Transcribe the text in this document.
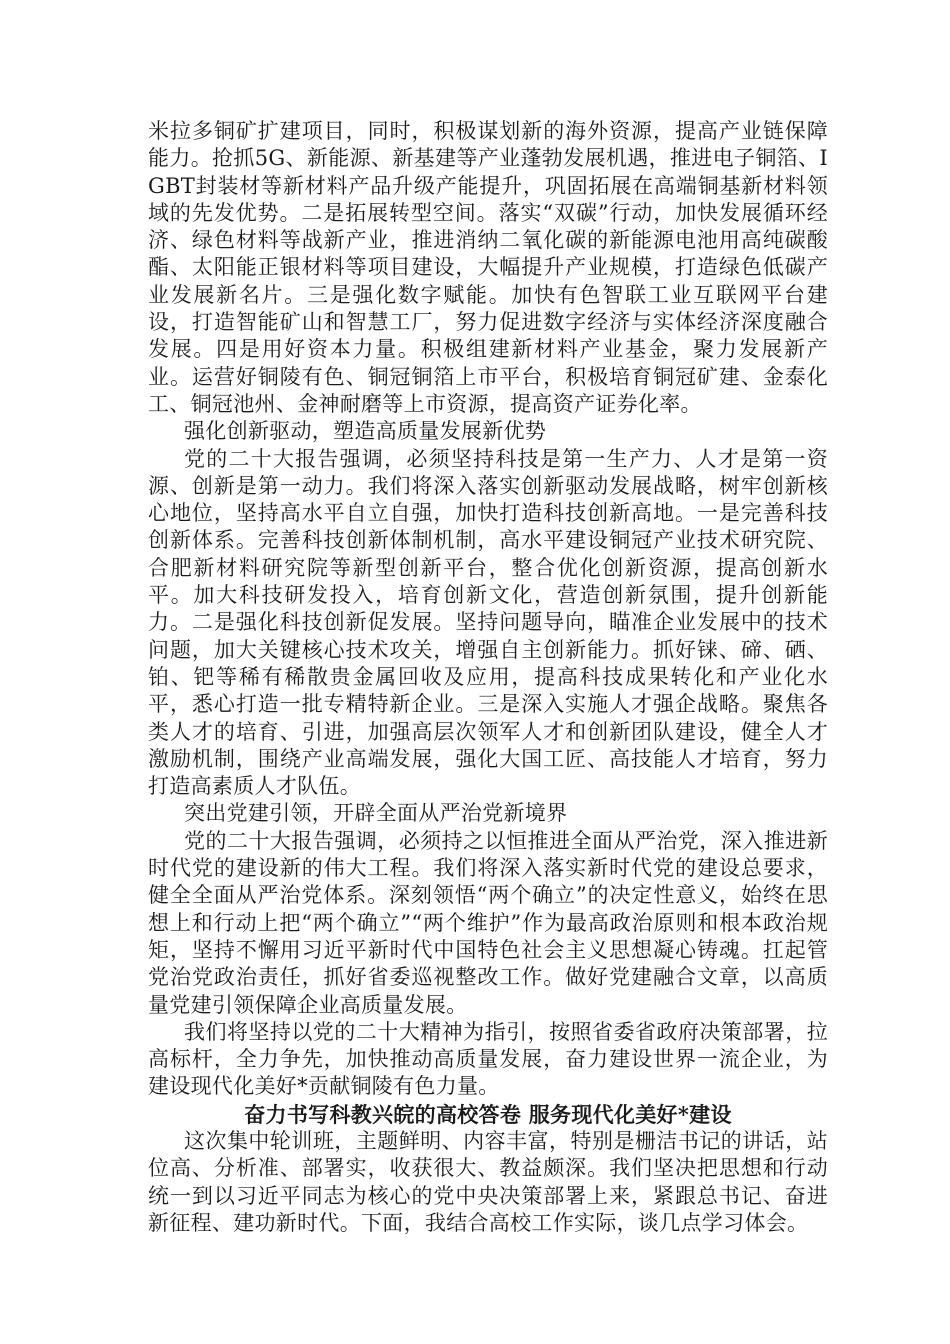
米拉多铜矿扩建项目，同时，积极谋划新的海外资源，提高产业链保障能力。抢抓5G、新能源、新基建等产业蓬勃发展机遇，推进电子铜箔、IGBT封装材等新材料产品升级产能提升，巩固拓展在高端铜基新材料领域的先发优势。二是拓展转型空间。落实“双碳”行动，加快发展循环经济、绿色材料等战新产业，推进消纳二氧化碳的新能源电池用高纯碳酸酯、太阳能正银材料等项目建设，大幅提升产业规模，打造绿色低碳产业发展新名片。三是强化数字赋能。加快有色智联工业互联网平台建设，打造智能矿山和智慧工厂，努力促进数字经济与实体经济深度融合发展。四是用好资本力量。积极组建新材料产业基金，聚力发展新产业。运营好铜陵有色、铜冠铜箔上市平台，积极培育铜冠矿建、金泰化工、铜冠池州、金神耐磨等上市资源，提高资产证券化率。

强化创新驱动，塑造高质量发展新优势

党的二十大报告强调，必须坚持科技是第一生产力、人才是第一资源、创新是第一动力。我们将深入落实创新驱动发展战略，树牢创新核心地位，坚持高水平自立自强，加快打造科技创新高地。一是完善科技创新体系。完善科技创新体制机制，高水平建设铜冠产业技术研究院、合肥新材料研究院等新型创新平台，整合优化创新资源，提高创新水平。加大科技研发投入，培育创新文化，营造创新氛围，提升创新能力。二是强化科技创新促发展。坚持问题导向，瞄准企业发展中的技术问题，加大关键核心技术攻关，增强自主创新能力。抓好铼、碲、硒、铂、钯等稀有稀散贵金属回收及应用，提高科技成果转化和产业化水平，悉心打造一批专精特新企业。三是深入实施人才强企战略。聚焦各类人才的培育、引进，加强高层次领军人才和创新团队建设，健全人才激励机制，围绕产业高端发展，强化大国工匠、高技能人才培育，努力打造高素质人才队伍。

突出党建引领，开辟全面从严治党新境界

党的二十大报告强调，必须持之以恒推进全面从严治党，深入推进新时代党的建设新的伟大工程。我们将深入落实新时代党的建设总要求，健全全面从严治党体系。深刻领悟“两个确立”的决定性意义，始终在思想上和行动上把“两个确立”“两个维护”作为最高政治原则和根本政治规矩，坚持不懈用习近平新时代中国特色社会主义思想凝心铸魂。扛起管党治党政治责任，抓好省委巡视整改工作。做好党建融合文章，以高质量党建引领保障企业高质量发展。

我们将坚持以党的二十大精神为指引，按照省委省政府决策部署，拉高标杆，全力争先，加快推动高质量发展，奋力建设世界一流企业，为建设现代化美好*贡献铜陵有色力量。

奋力书写科教兴皖的高校答卷 服务现代化美好*建设

这次集中轮训班，主题鲜明、内容丰富，特别是栅洁书记的讲话，站位高、分析准、部署实，收获很大、教益颇深。我们坚决把思想和行动统一到以习近平同志为核心的党中央决策部署上来，紧跟总书记、奋进新征程、建功新时代。下面，我结合高校工作实际，谈几点学习体会。
